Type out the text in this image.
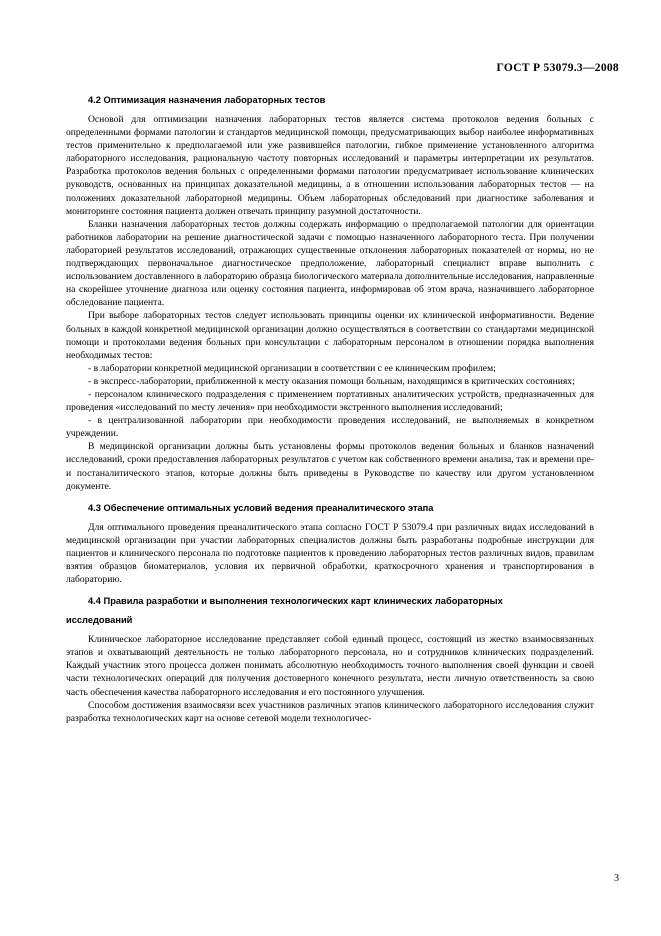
ГОСТ Р 53079.3—2008
4.2 Оптимизация назначения лабораторных тестов

Основой для оптимизации назначения лабораторных тестов является система протоколов ведения больных с определенными формами патологии и стандартов медицинской помощи, предусматривающих выбор наиболее информативных тестов применительно к предполагаемой или уже развившейся патологии, гибкое применение установленного алгоритма лабораторного исследования, рациональную частоту повторных исследований и параметры интерпретации их результатов. Разработка протоколов ведения больных с определенными формами патологии предусматривает использование клинических руководств, основанных на принципах доказательной медицины, а в отношении использования лабораторных тестов — на положениях доказательной лабораторной медицины. Объем лабораторных обследований при диагностике заболевания и мониторинге состояния пациента должен отвечать принципу разумной достаточности.

Бланки назначения лабораторных тестов должны содержать информацию о предполагаемой патологии для ориентации работников лаборатории на решение диагностической задачи с помощью назначенного лабораторного теста. При получении лабораторией результатов исследований, отражающих существенные отклонения лабораторных показателей от нормы, но не подтверждающих первоначальное диагностическое предположение, лабораторный специалист вправе выполнить с использованием доставленного в лабораторию образца биологического материала дополнительные исследования, направленные на скорейшее уточнение диагноза или оценку состояния пациента, информировав об этом врача, назначившего лабораторное обследование пациента.

При выборе лабораторных тестов следует использовать принципы оценки их клинической информативности. Ведение больных в каждой конкретной медицинской организации должно осуществляться в соответствии со стандартами медицинской помощи и протоколами ведения больных при консультации с лабораторным персоналом в отношении порядка выполнения необходимых тестов:

- в лаборатории конкретной медицинской организации в соответствии с ее клиническим профилем;

- в экспресс-лаборатории, приближенной к месту оказания помощи больным, находящимся в критических состояниях;

- персоналом клинического подразделения с применением портативных аналитических устройств, предназначенных для проведения «исследований по месту лечения» при необходимости экстренного выполнения исследований;

- в централизованной лаборатории при необходимости проведения исследований, не выполняемых в конкретном учреждении.

В медицинской организации должны быть установлены формы протоколов ведения больных и бланков назначений исследований, сроки предоставления лабораторных результатов с учетом как собственного времени анализа, так и времени пре- и постаналитического этапов, которые должны быть приведены в Руководстве по качеству или другом установленном документе.

4.3 Обеспечение оптимальных условий ведения преаналитического этапа

Для оптимального проведения преаналитического этапа согласно ГОСТ Р 53079.4 при различных видах исследований в медицинской организации при участии лабораторных специалистов должны быть разработаны подробные инструкции для пациентов и клинического персонала по подготовке пациентов к проведению лабораторных тестов различных видов, правилам взятия образцов биоматериалов, условия их первичной обработки, краткосрочного хранения и транспортирования в лабораторию.

4.4 Правила разработки и выполнения технологических карт клинических лабораторных
исследований

Клиническое лабораторное исследование представляет собой единый процесс, состоящий из жестко взаимосвязанных этапов и охватывающий деятельность не только лабораторного персонала, но и сотрудников клинических подразделений. Каждый участник этого процесса должен понимать абсолютную необходимость точного выполнения своей функции и своей части технологических операций для получения достоверного конечного результата, нести личную ответственность за свою часть обеспечения качества лабораторного исследования и его постоянного улучшения.

Способом достижения взаимосвязи всех участников различных этапов клинического лабораторного исследования служит разработка технологических карт на основе сетевой модели технологичес-

3
